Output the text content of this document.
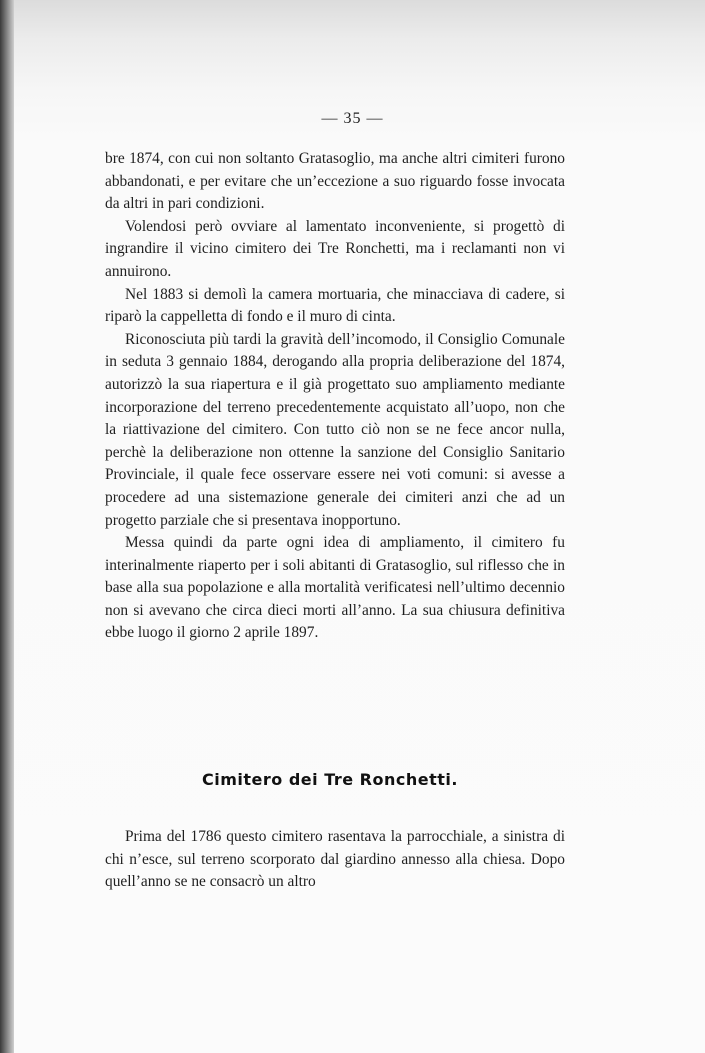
— 35 —

bre 1874, con cui non soltanto Gratasoglio, ma anche altri cimiteri furono abbandonati, e per evitare che un’eccezione a suo riguardo fosse invocata da altri in pari condizioni.

Volendosi però ovviare al lamentato inconveniente, si progettò di ingrandire il vicino cimitero dei Tre Ronchetti, ma i reclamanti non vi annuirono.

Nel 1883 si demolì la camera mortuaria, che minacciava di cadere, si riparò la cappelletta di fondo e il muro di cinta.

Riconosciuta più tardi la gravità dell’incomodo, il Consiglio Comunale in seduta 3 gennaio 1884, derogando alla propria deliberazione del 1874, autorizzò la sua riapertura e il già progettato suo ampliamento mediante incorporazione del terreno precedentemente acquistato all’uopo, non che la riattivazione del cimitero. Con tutto ciò non se ne fece ancor nulla, perchè la deliberazione non ottenne la sanzione del Consiglio Sanitario Provinciale, il quale fece osservare essere nei voti comuni: si avesse a procedere ad una sistemazione generale dei cimiteri anzi che ad un progetto parziale che si presentava inopportuno.

Messa quindi da parte ogni idea di ampliamento, il cimitero fu interinalmente riaperto per i soli abitanti di Gratasoglio, sul riflesso che in base alla sua popolazione e alla mortalità verificatesi nell’ultimo decennio non si avevano che circa dieci morti all’anno. La sua chiusura definitiva ebbe luogo il giorno 2 aprile 1897.

Cimitero dei Tre Ronchetti.

Prima del 1786 questo cimitero rasentava la parrocchiale, a sinistra di chi n’esce, sul terreno scorporato dal giardino annesso alla chiesa. Dopo quell’anno se ne consacrò un altro
